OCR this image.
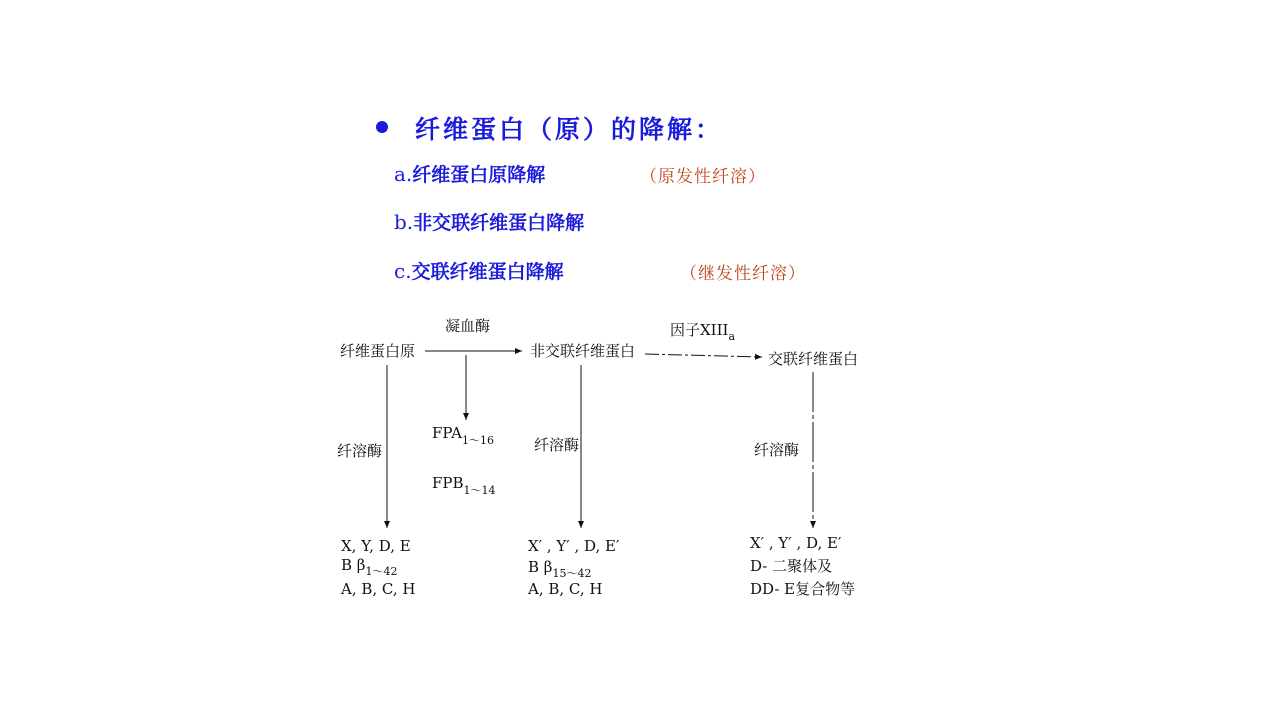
纤维蛋白（原）的降解：
a.纤维蛋白原降解	（原发性纤溶）
b.非交联纤维蛋白降解
c.交联纤维蛋白降解	（继发性纤溶）
纤维蛋白原	非交联纤维蛋白	交联纤维蛋白
凝血酶	因子$XIII_a$
$FPA_{1\sim 16}$
$FPB_{1\sim 14}$
纤溶酶	纤溶酶	纤溶酶
X, Y, D, E
B $\beta_{1\sim 42}$
A, B, C, H
X′ , Y′ , D, E′
B $\beta_{15\sim 42}$
A, B, C, H
X′ , Y′ , D, E′
D- 二聚体及
DD- E复合物等
